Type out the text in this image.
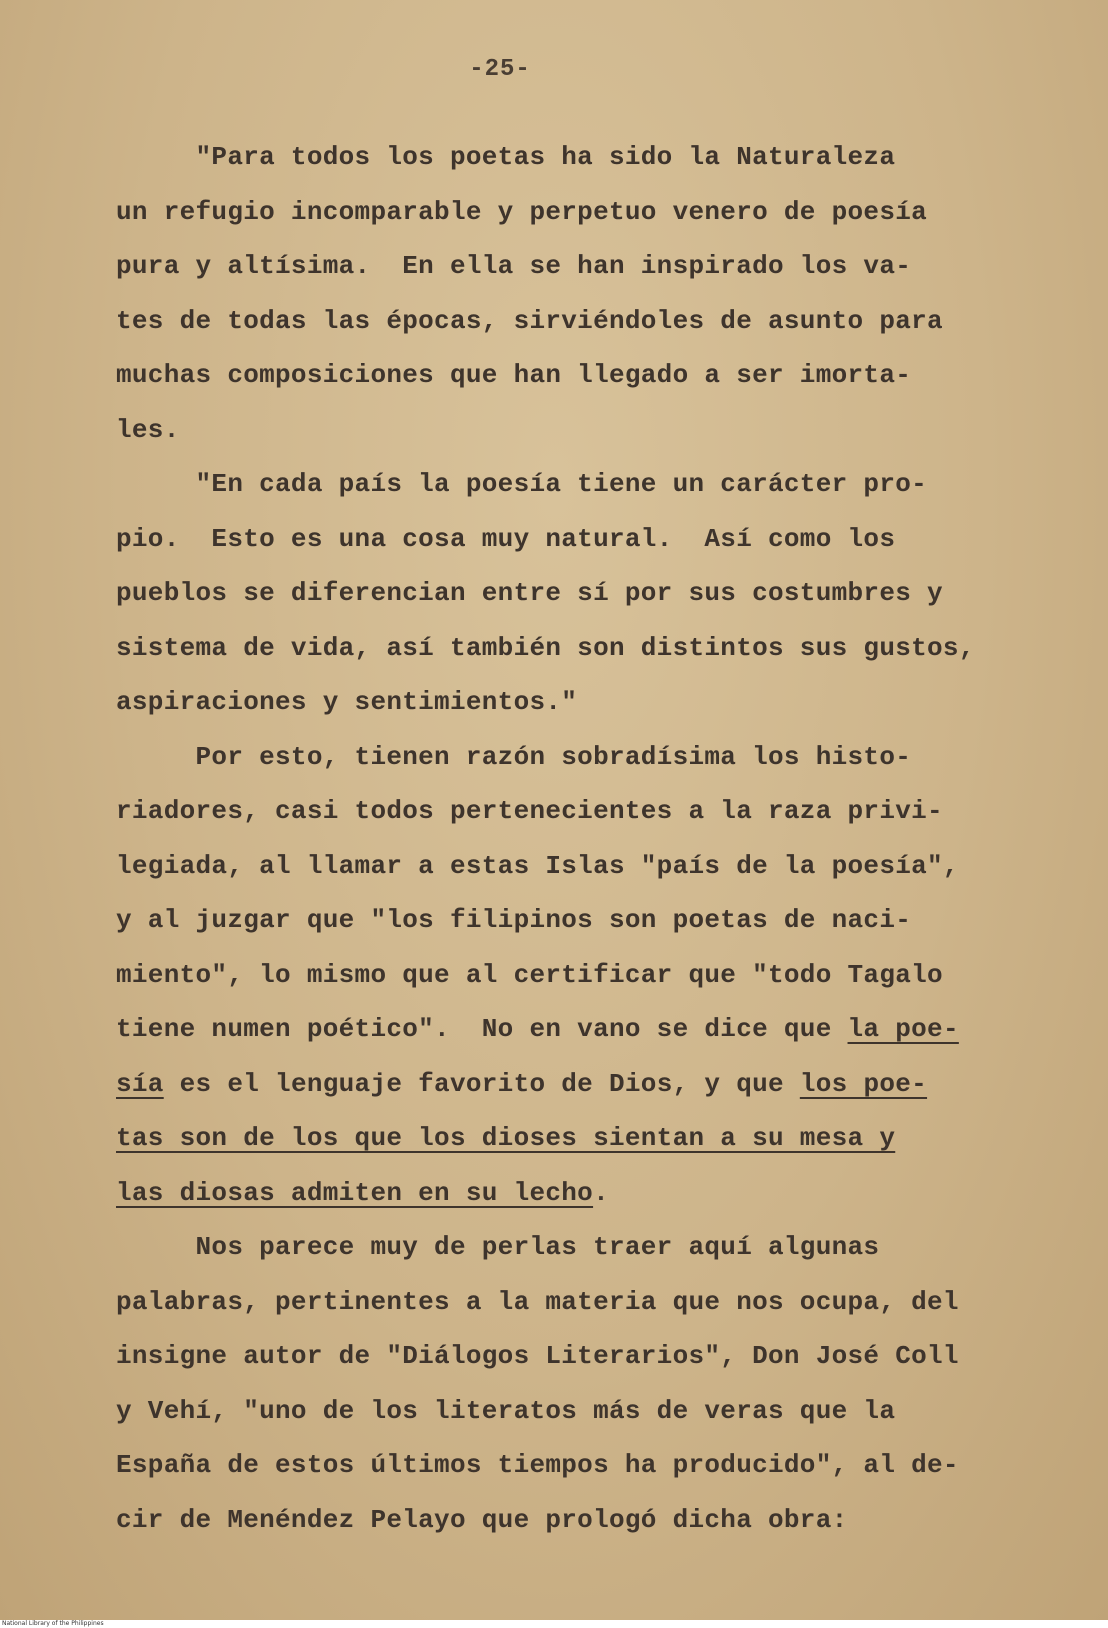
-25-
"Para todos los poetas ha sido la Naturaleza
un refugio incomparable y perpetuo venero de poesía
pura y altísima.  En ella se han inspirado los va-
tes de todas las épocas, sirviéndoles de asunto para
muchas composiciones que han llegado a ser imorta-
les.
"En cada país la poesía tiene un carácter pro-
pio.  Esto es una cosa muy natural.  Así como los
pueblos se diferencian entre sí por sus costumbres y
sistema de vida, así también son distintos sus gustos,
aspiraciones y sentimientos."
Por esto, tienen razón sobradísima los histo-
riadores, casi todos pertenecientes a la raza privi-
legiada, al llamar a estas Islas "país de la poesía",
y al juzgar que "los filipinos son poetas de naci-
miento", lo mismo que al certificar que "todo Tagalo
tiene numen poético".  No en vano se dice que la poe-
sía es el lenguaje favorito de Dios, y que los poe-
tas son de los que los dioses sientan a su mesa y
las diosas admiten en su lecho.
Nos parece muy de perlas traer aquí algunas
palabras, pertinentes a la materia que nos ocupa, del
insigne autor de "Diálogos Literarios", Don José Coll
y Vehí, "uno de los literatos más de veras que la
España de estos últimos tiempos ha producido", al de-
cir de Menéndez Pelayo que prologó dicha obra:
National Library of the Philippines
